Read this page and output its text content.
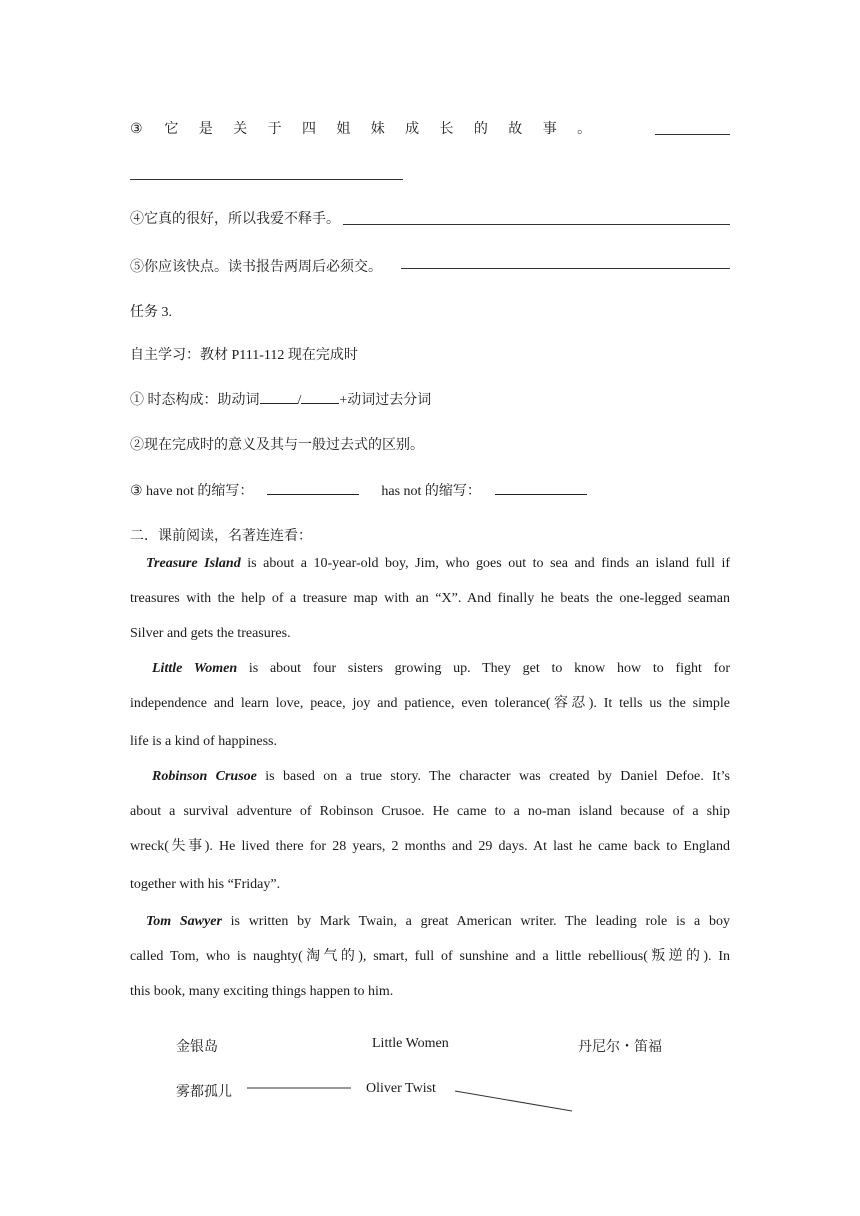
③ 它 是 关 于 四 姐 妹 成 长 的 故 事 。
④它真的很好，所以我爱不释手。
⑤你应该快点。读书报告两周后必须交。
任务 3.
自主学习：教材 P111-112 现在完成时
① 时态构成：助动词	/	+动词过去分词
②现在完成时的意义及其与一般过去式的区别。
③ have not 的缩写：	has not 的缩写：
二．课前阅读，名著连连看：
Treasure Island is about a 10-year-old boy, Jim, who goes out to sea and finds an island full if
treasures with the help of a treasure map with an “X”. And finally he beats the one-legged seaman
Silver and gets the treasures.
Little Women is about four sisters growing up. They get to know how to fight for
independence and learn love, peace, joy and patience, even tolerance(容忍). It tells us the simple
life is a kind of happiness.
Robinson Crusoe is based on a true story. The character was created by Daniel Defoe. It’s
about a survival adventure of Robinson Crusoe. He came to a no-man island because of a ship
wreck(失事). He lived there for 28 years, 2 months and 29 days. At last he came back to England
together with his “Friday”.
Tom Sawyer is written by Mark Twain, a great American writer. The leading role is a boy
called Tom, who is naughty(淘气的), smart, full of sunshine and a little rebellious(叛逆的). In
this book, many exciting things happen to him.
金银岛	Little Women	丹尼尔・笛福
雾都孤儿	Oliver Twist
